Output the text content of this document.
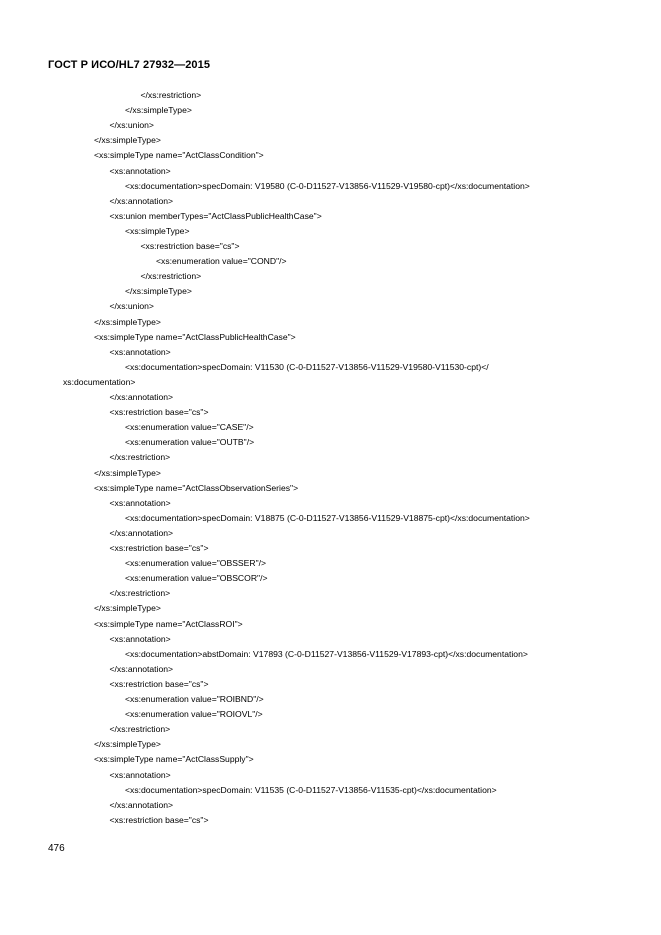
ГОСТ Р ИСО/HL7 27932—2015
</xs:restriction>
</xs:simpleType>
</xs:union>
</xs:simpleType>
<xs:simpleType name="ActClassCondition">
<xs:annotation>
<xs:documentation>specDomain: V19580 (C-0-D11527-V13856-V11529-V19580-cpt)</xs:documentation>
</xs:annotation>
<xs:union memberTypes="ActClassPublicHealthCase">
<xs:simpleType>
<xs:restriction base="cs">
<xs:enumeration value="COND"/>
</xs:restriction>
</xs:simpleType>
</xs:union>
</xs:simpleType>
<xs:simpleType name="ActClassPublicHealthCase">
<xs:annotation>
<xs:documentation>specDomain: V11530 (C-0-D11527-V13856-V11529-V19580-V11530-cpt)</
xs:documentation>
</xs:annotation>
<xs:restriction base="cs">
<xs:enumeration value="CASE"/>
<xs:enumeration value="OUTB"/>
</xs:restriction>
</xs:simpleType>
<xs:simpleType name="ActClassObservationSeries">
<xs:annotation>
<xs:documentation>specDomain: V18875 (C-0-D11527-V13856-V11529-V18875-cpt)</xs:documentation>
</xs:annotation>
<xs:restriction base="cs">
<xs:enumeration value="OBSSER"/>
<xs:enumeration value="OBSCOR"/>
</xs:restriction>
</xs:simpleType>
<xs:simpleType name="ActClassROI">
<xs:annotation>
<xs:documentation>abstDomain: V17893 (C-0-D11527-V13856-V11529-V17893-cpt)</xs:documentation>
</xs:annotation>
<xs:restriction base="cs">
<xs:enumeration value="ROIBND"/>
<xs:enumeration value="ROIOVL"/>
</xs:restriction>
</xs:simpleType>
<xs:simpleType name="ActClassSupply">
<xs:annotation>
<xs:documentation>specDomain: V11535 (C-0-D11527-V13856-V11535-cpt)</xs:documentation>
</xs:annotation>
<xs:restriction base="cs">
476
